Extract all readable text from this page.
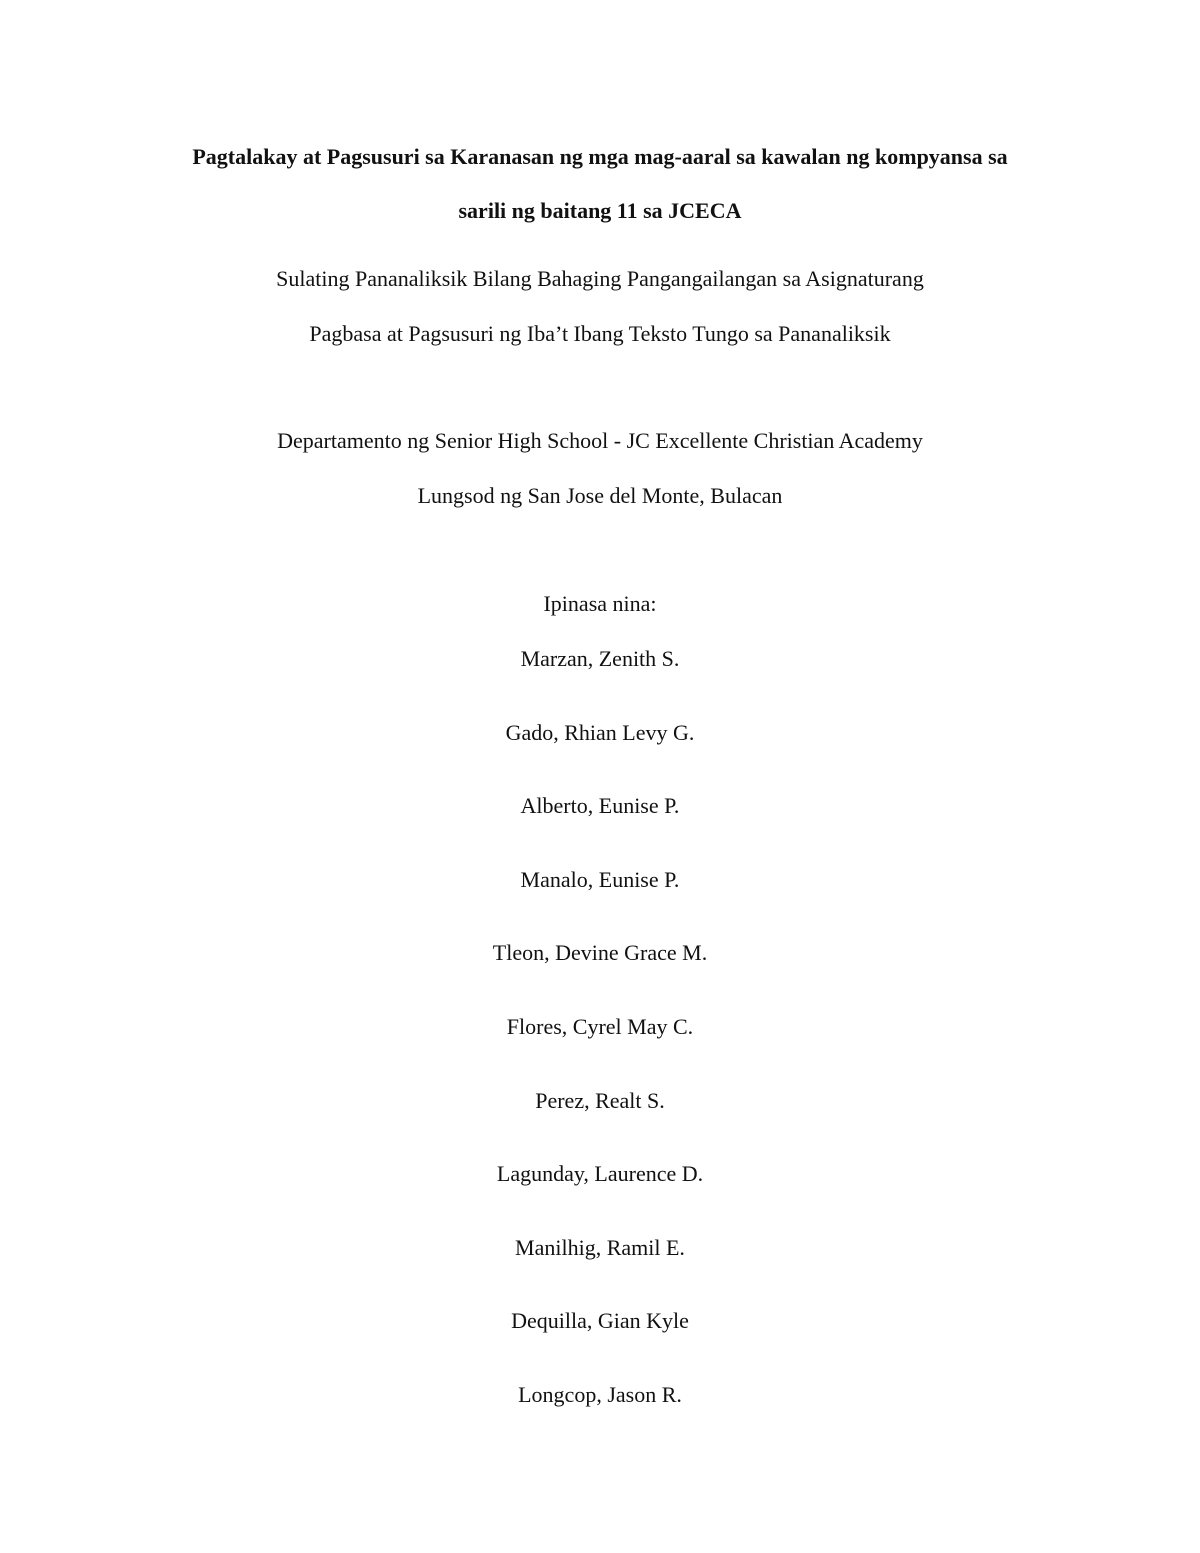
Pagtalakay at Pagsusuri sa Karanasan ng mga mag-aaral sa kawalan ng kompyansa sa
sarili ng baitang 11 sa JCECA
Sulating Pananaliksik Bilang Bahaging Pangangailangan sa Asignaturang
Pagbasa at Pagsusuri ng Iba’t Ibang Teksto Tungo sa Pananaliksik
Departamento ng Senior High School - JC Excellente Christian Academy
Lungsod ng San Jose del Monte, Bulacan
Ipinasa nina:
Marzan, Zenith S.
Gado, Rhian Levy G.
Alberto, Eunise P.
Manalo, Eunise P.
Tleon, Devine Grace M.
Flores, Cyrel May C.
Perez, Realt S.
Lagunday, Laurence D.
Manilhig, Ramil E.
Dequilla, Gian Kyle
Longcop, Jason R.
